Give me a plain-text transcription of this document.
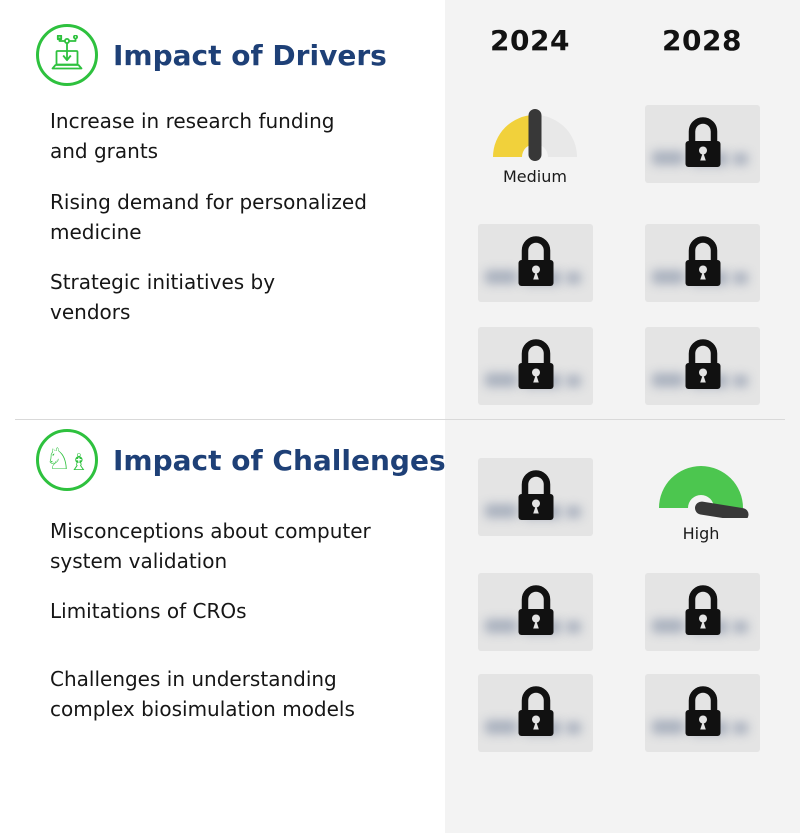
2024	2028
Impact of Drivers
Increase in research funding
and grants
Rising demand for personalized
medicine
Strategic initiatives by
vendors
Medium
♘
♗
Impact of Challenges
Misconceptions about computer
system validation
Limitations of CROs
Challenges in understanding
complex biosimulation models
High
